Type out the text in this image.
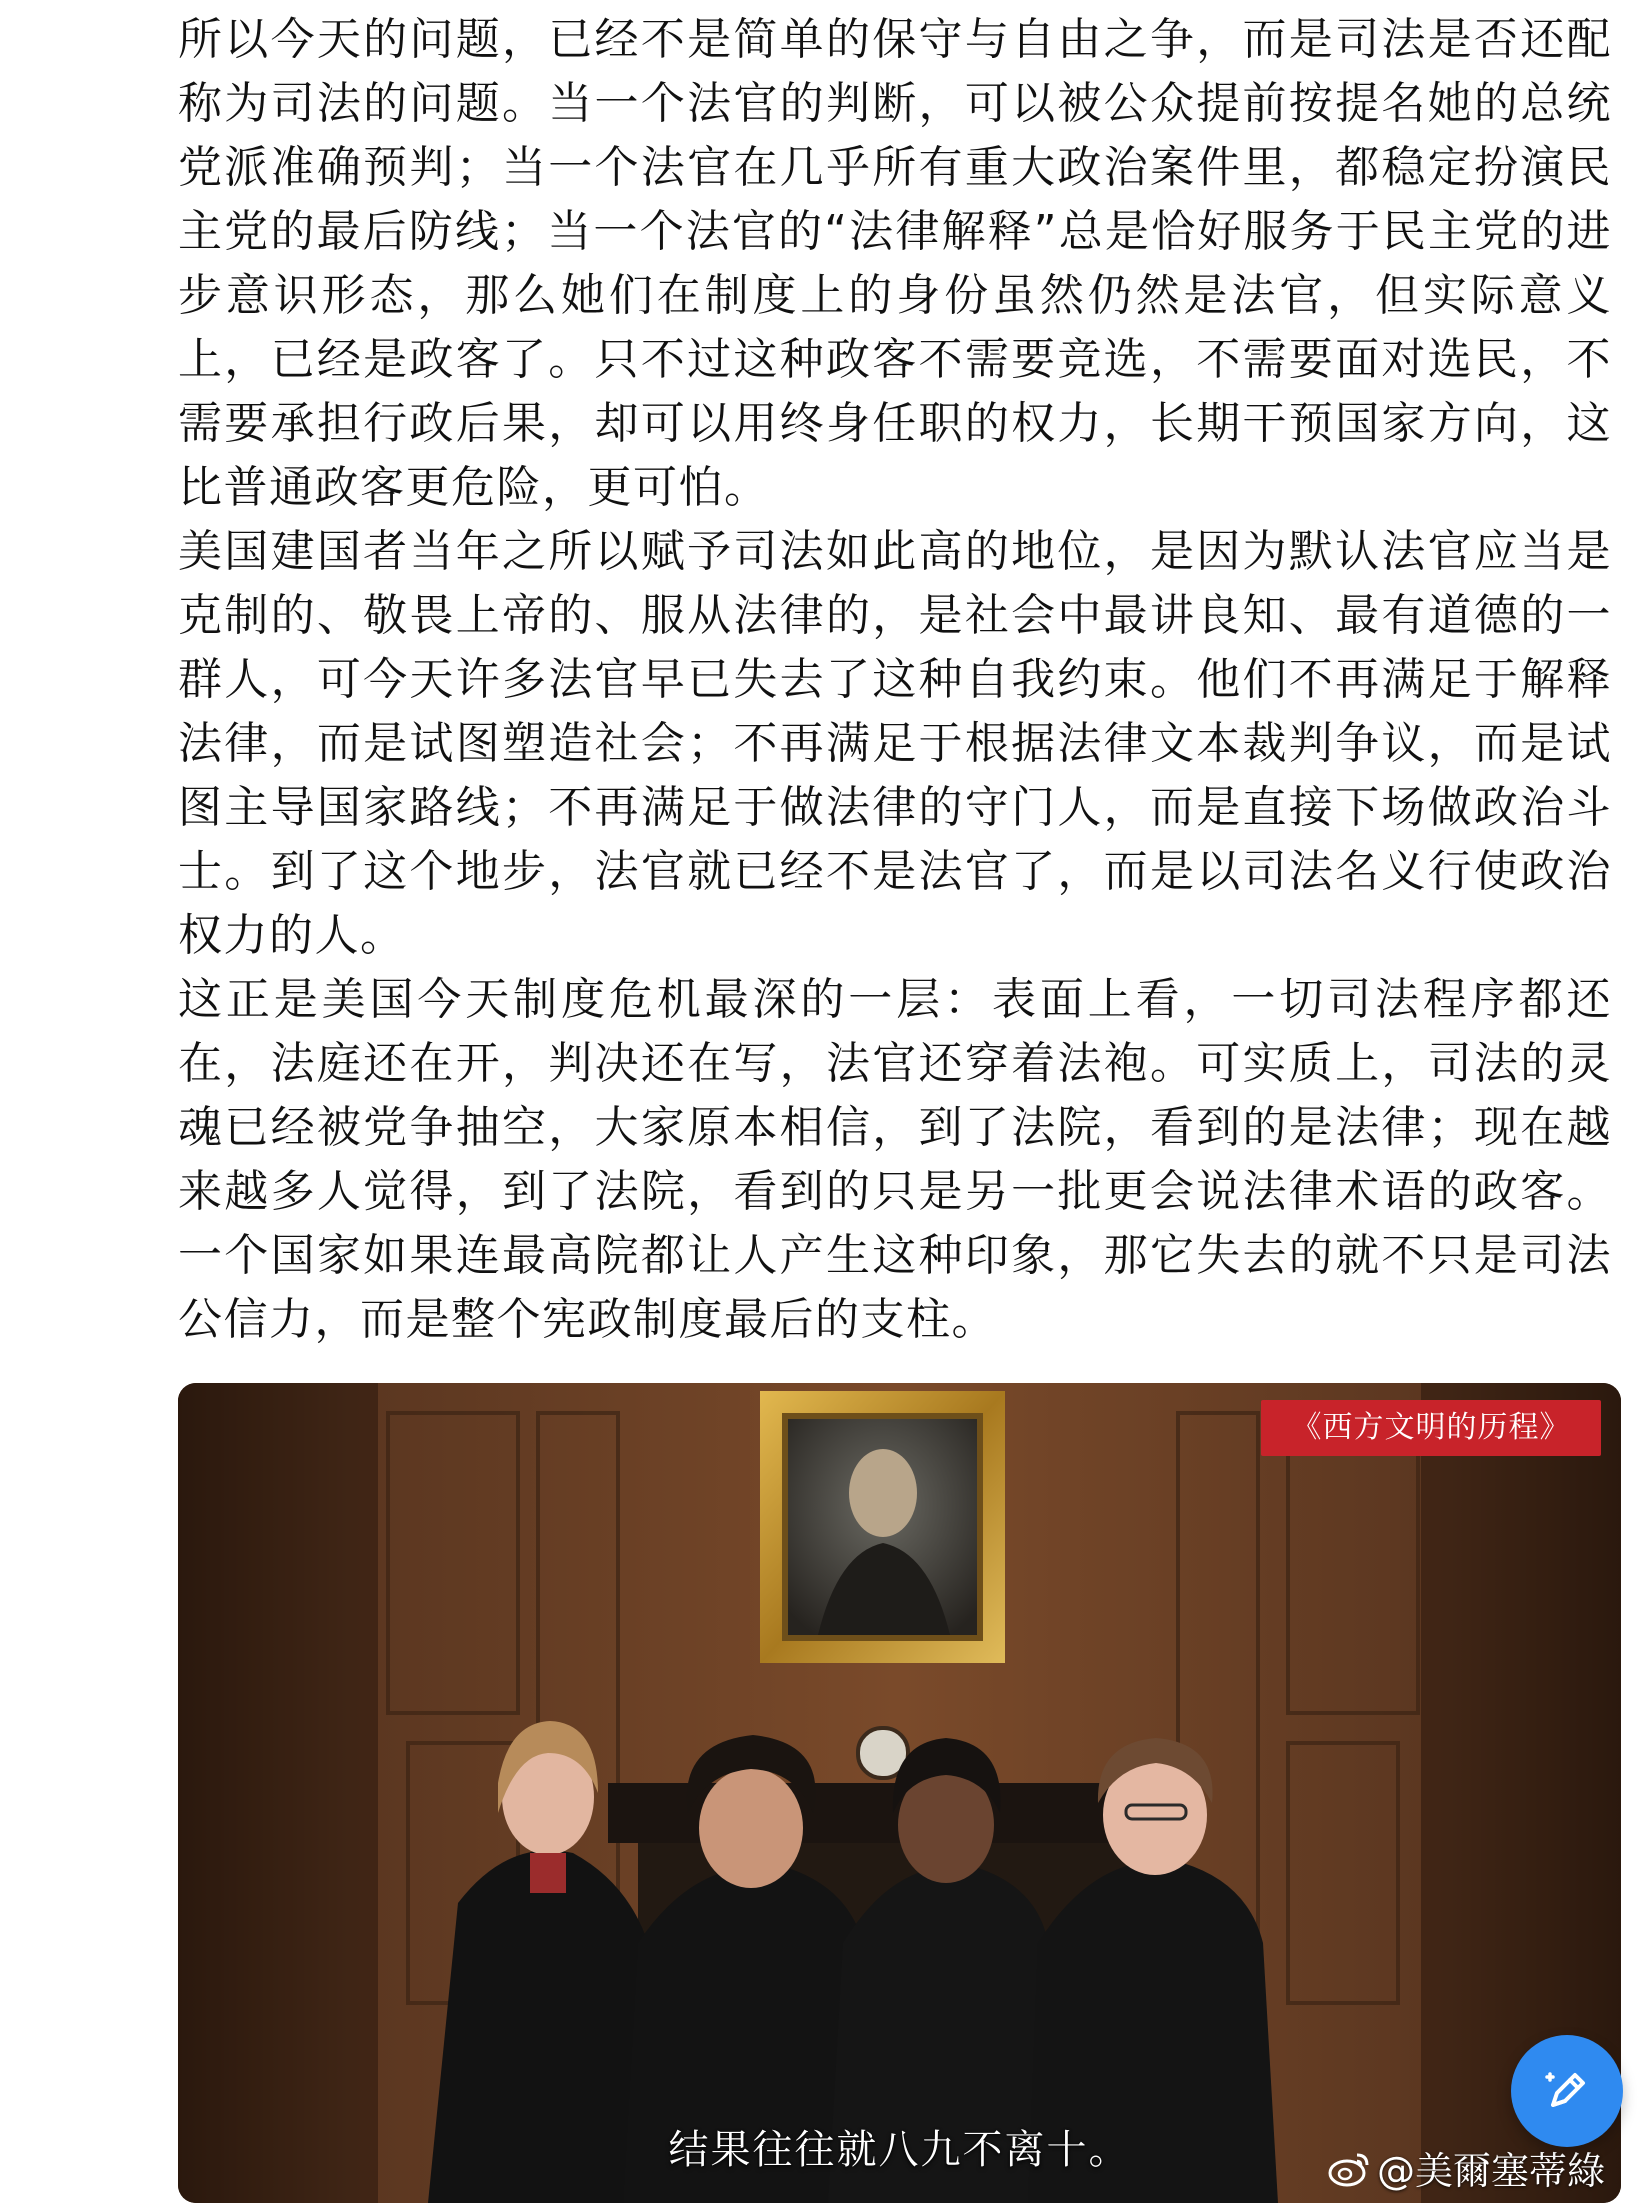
所以今天的问题，已经不是简单的保守与自由之争，而是司法是否还配称为司法的问题。当一个法官的判断，可以被公众提前按提名她的总统党派准确预判；当一个法官在几乎所有重大政治案件里，都稳定扮演民主党的最后防线；当一个法官的“法律解释”总是恰好服务于民主党的进步意识形态，那么她们在制度上的身份虽然仍然是法官，但实际意义上，已经是政客了。只不过这种政客不需要竞选，不需要面对选民，不需要承担行政后果，却可以用终身任职的权力，长期干预国家方向，这比普通政客更危险，更可怕。

美国建国者当年之所以赋予司法如此高的地位，是因为默认法官应当是克制的、敬畏上帝的、服从法律的，是社会中最讲良知、最有道德的一群人，可今天许多法官早已失去了这种自我约束。他们不再满足于解释法律，而是试图塑造社会；不再满足于根据法律文本裁判争议，而是试图主导国家路线；不再满足于做法律的守门人，而是直接下场做政治斗士。到了这个地步，法官就已经不是法官了，而是以司法名义行使政治权力的人。

这正是美国今天制度危机最深的一层：表面上看，一切司法程序都还在，法庭还在开，判决还在写，法官还穿着法袍。可实质上，司法的灵魂已经被党争抽空，大家原本相信，到了法院，看到的是法律；现在越来越多人觉得，到了法院，看到的只是另一批更会说法律术语的政客。一个国家如果连最高院都让人产生这种印象，那它失去的就不只是司法公信力，而是整个宪政制度最后的支柱。

《西方文明的历程》
结果往往就八九不离十。	@美爾塞蒂綠
